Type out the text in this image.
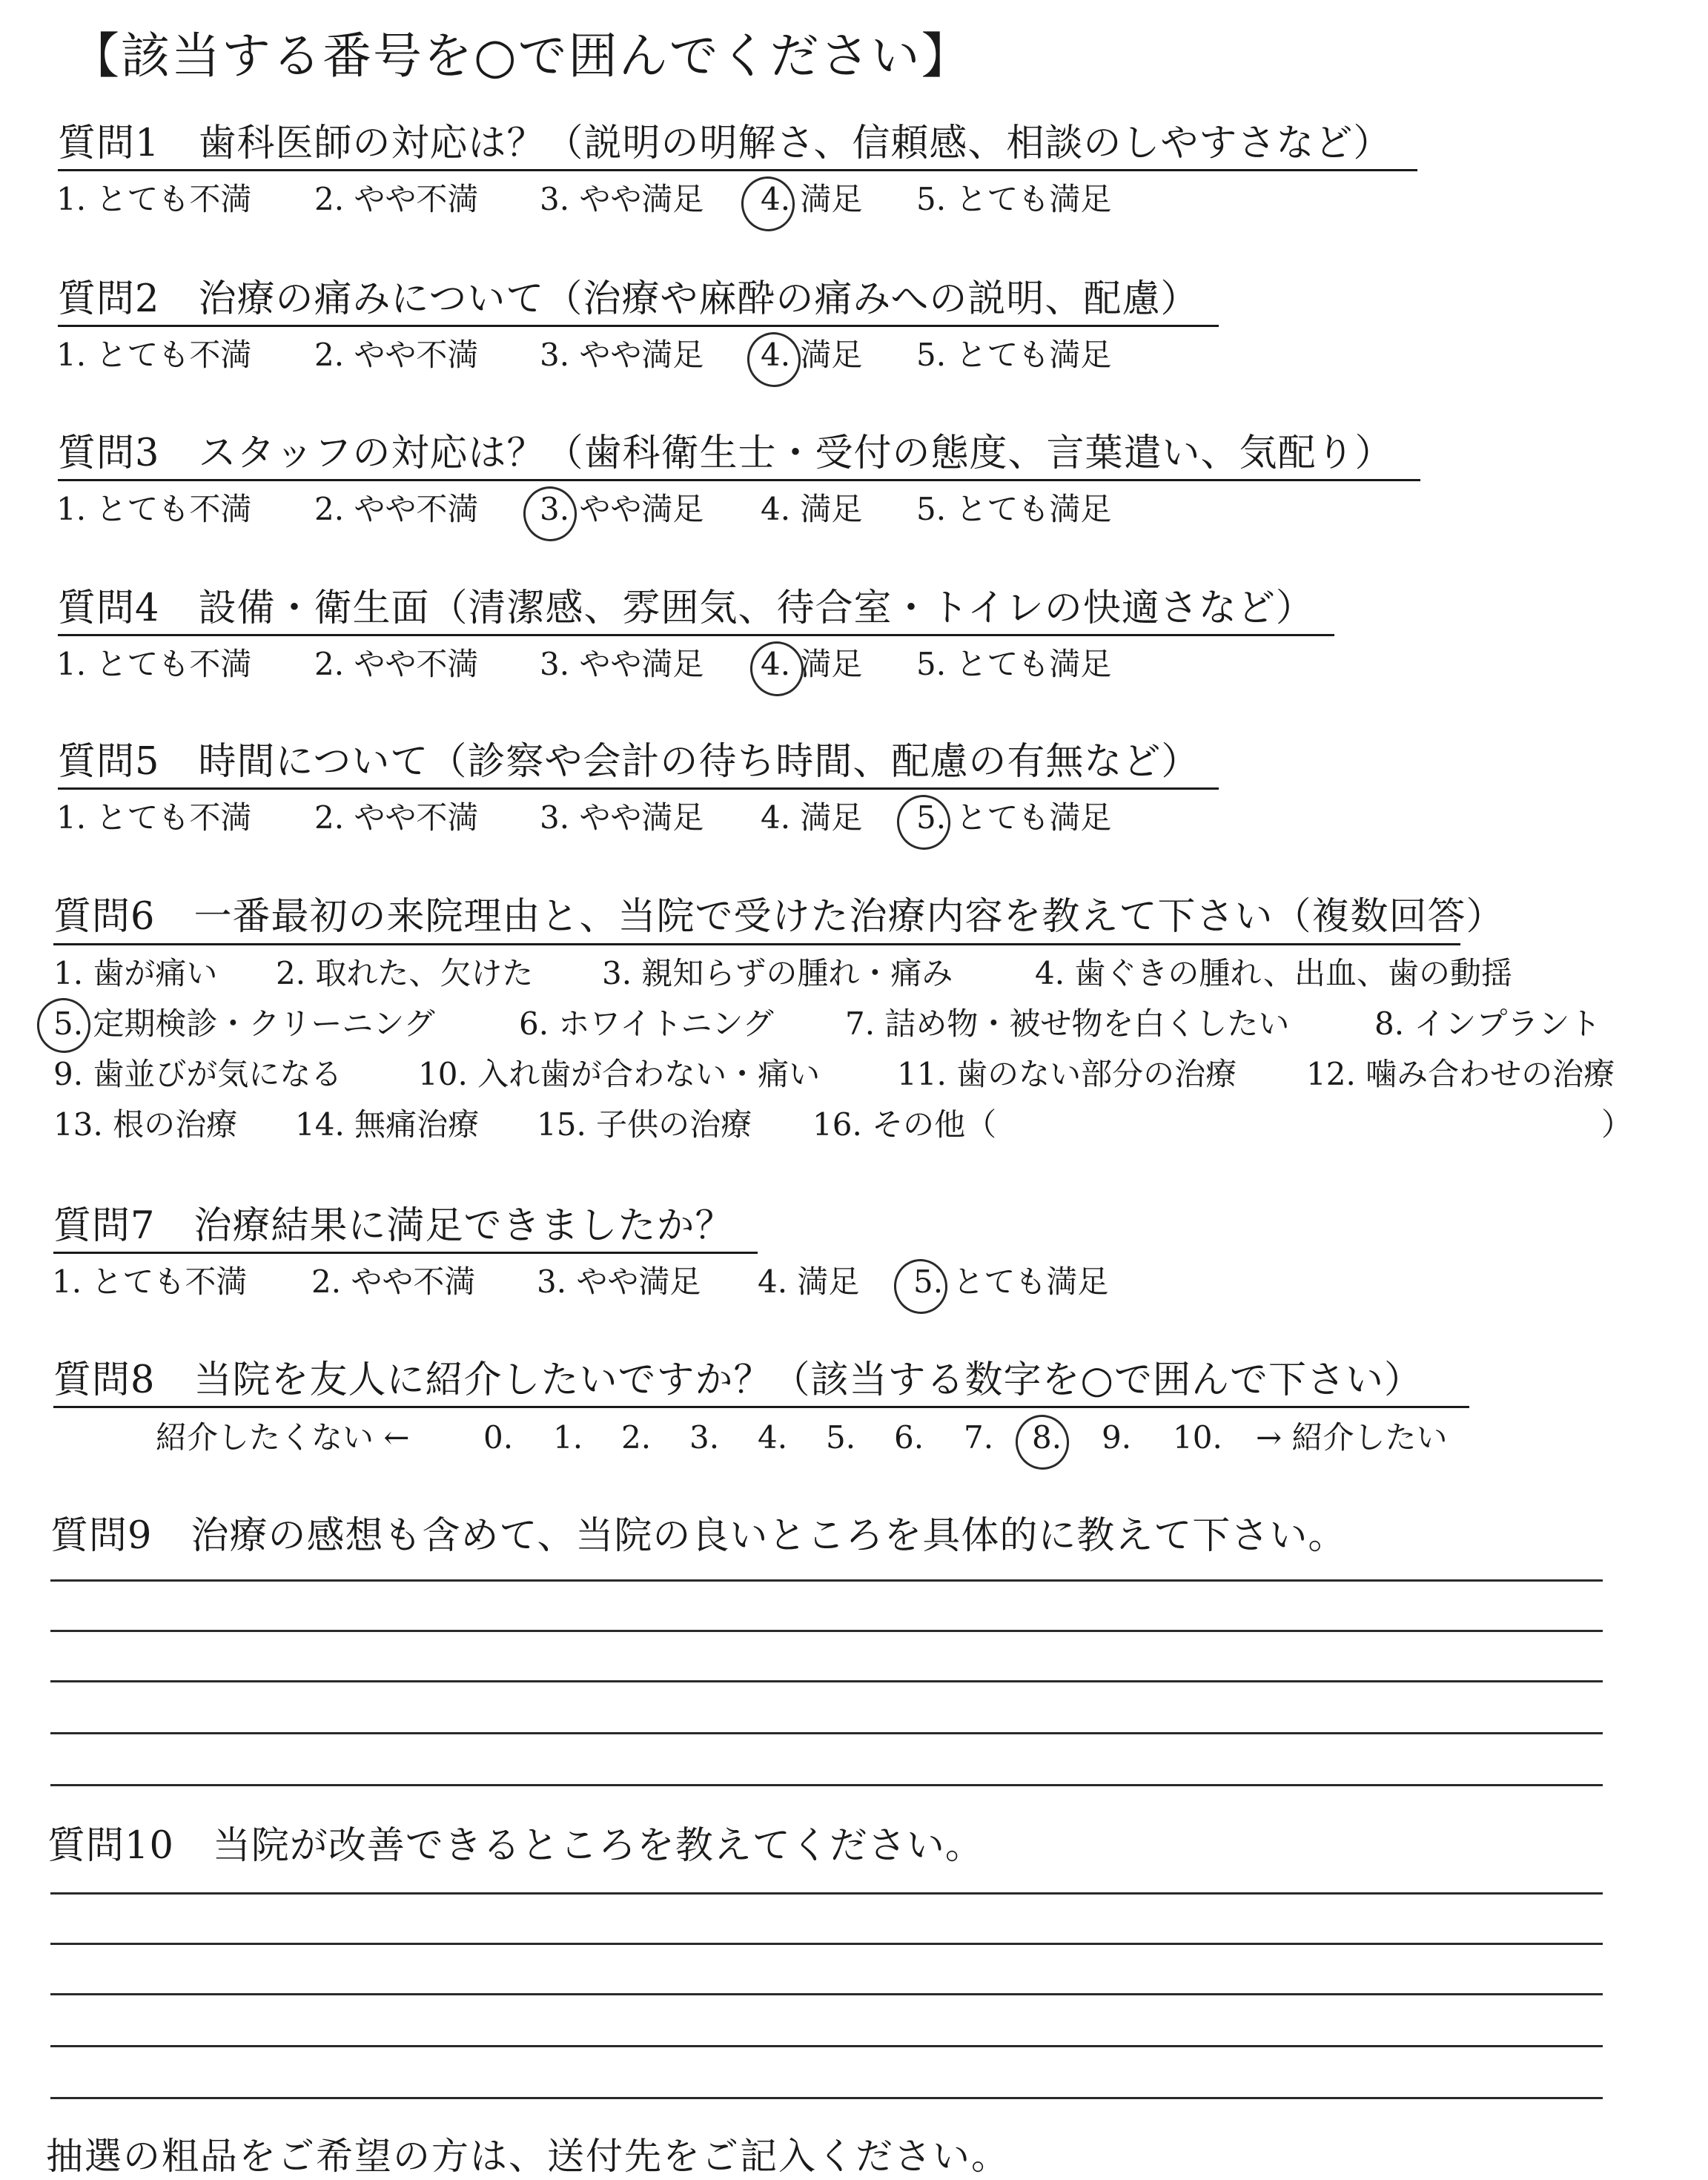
【該当する番号を○で囲んでください】
質問1　歯科医師の対応は？（説明の明解さ、信頼感、相談のしやすさなど）
1. とても不満 2. やや不満 3. やや満足 4. 満足 5. とても満足
質問2　治療の痛みについて（治療や麻酔の痛みへの説明、配慮）
1. とても不満 2. やや不満 3. やや満足 4. 満足 5. とても満足
質問3　スタッフの対応は？（歯科衛生士・受付の態度、言葉遣い、気配り）
1. とても不満 2. やや不満 3. やや満足 4. 満足 5. とても満足
質問4　設備・衛生面（清潔感、雰囲気、待合室・トイレの快適さなど）
1. とても不満 2. やや不満 3. やや満足 4. 満足 5. とても満足
質問5　時間について（診察や会計の待ち時間、配慮の有無など）
1. とても不満 2. やや不満 3. やや満足 4. 満足 5. とても満足
質問6　一番最初の来院理由と、当院で受けた治療内容を教えて下さい（複数回答）
1. 歯が痛い 2. 取れた、欠けた 3. 親知らずの腫れ・痛み	4. 歯ぐきの腫れ、出血、歯の動揺
5. 定期検診・クリーニング	6. ホワイトニング 7. 詰め物・被せ物を白くしたい	8. インプラント
9. 歯並びが気になる 10. 入れ歯が合わない・痛い 11. 歯のない部分の治療 12. 噛み合わせの治療
13. 根の治療 14. 無痛治療 15. 子供の治療 16. その他（	）
質問7　治療結果に満足できましたか？
1. とても不満 2. やや不満 3. やや満足 4. 満足 5. とても満足
質問8　当院を友人に紹介したいですか？（該当する数字を○で囲んで下さい）
紹介したくない ← 0. 1. 2. 3. 4. 5. 6. 7. 8. 9. 10. → 紹介したい
質問9　治療の感想も含めて、当院の良いところを具体的に教えて下さい。
質問10　当院が改善できるところを教えてください。
抽選の粗品をご希望の方は、送付先をご記入ください。
